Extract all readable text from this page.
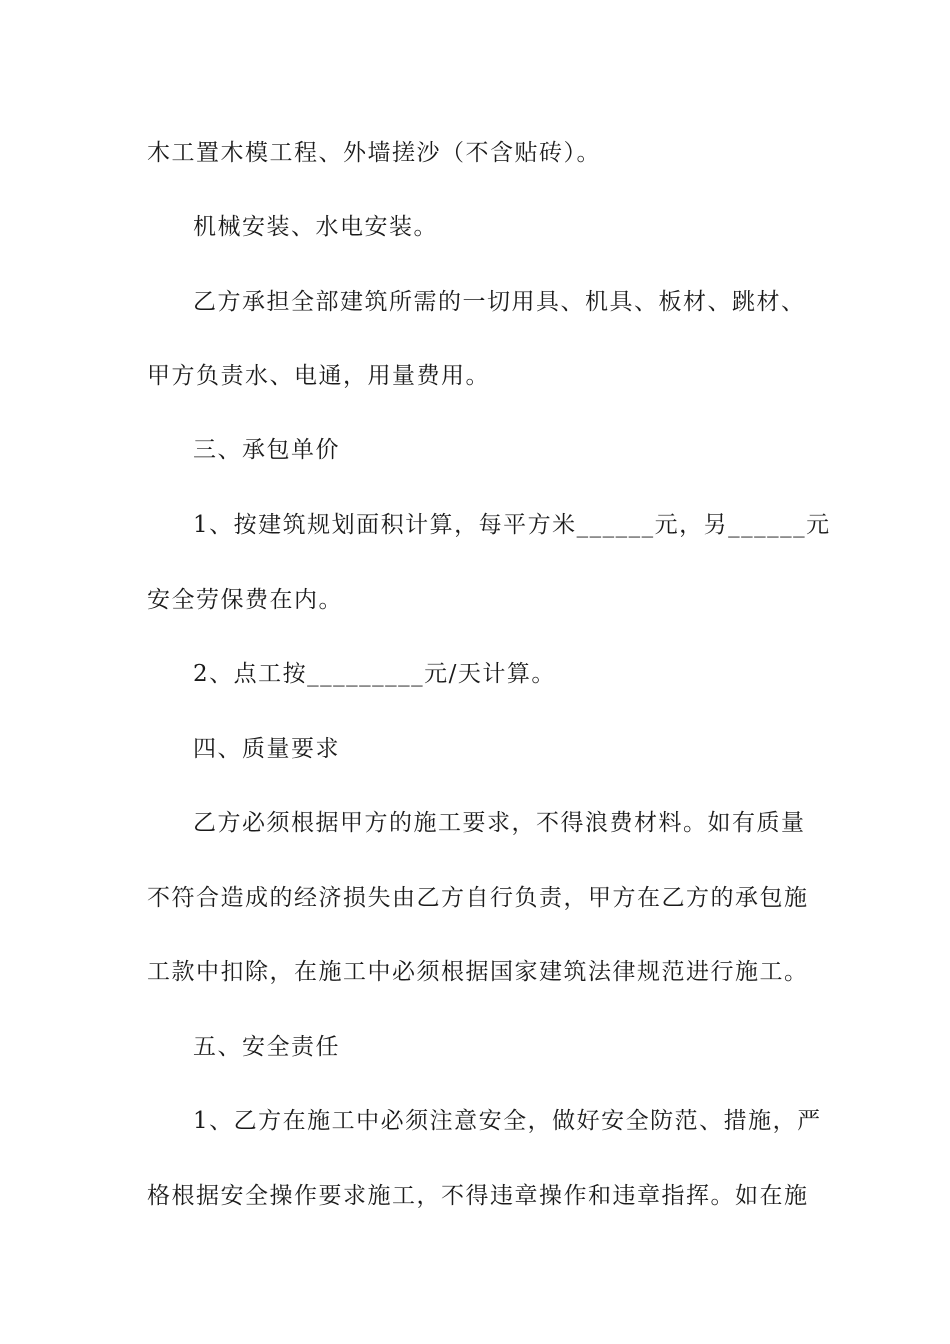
木工置木模工程、外墙搓沙（不含贴砖）。
机械安装、水电安装。
乙方承担全部建筑所需的一切用具、机具、板材、跳材、
甲方负责水、电通，用量费用。
三、承包单价
1、按建筑规划面积计算，每平方米______元，另______元
安全劳保费在内。
2、点工按_________元/天计算。
四、质量要求
乙方必须根据甲方的施工要求，不得浪费材料。如有质量
不符合造成的经济损失由乙方自行负责，甲方在乙方的承包施
工款中扣除，在施工中必须根据国家建筑法律规范进行施工。
五、安全责任
1、乙方在施工中必须注意安全，做好安全防范、措施，严
格根据安全操作要求施工，不得违章操作和违章指挥。如在施
